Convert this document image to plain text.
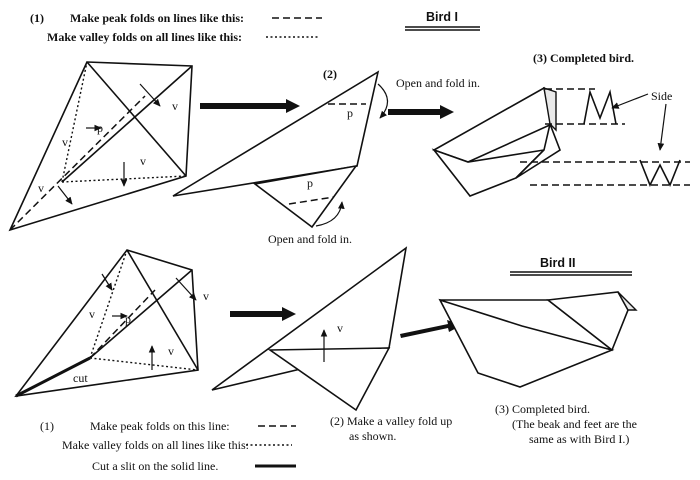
(1) Make peak folds on lines like this:
Make valley folds on all lines like this:
Bird I
p
v
v
v
v
(2)
p
p
Open and fold in.
Open and fold in.
(3) Completed bird.
Side
Bird II
p
v
v
v
cut
v
(2) Make a valley fold up
as shown.
(3) Completed bird.
(The beak and feet are the
same as with Bird I.)
(1)	Make peak folds on this line:
Make valley folds on all lines like this:
Cut a slit on the solid line.
